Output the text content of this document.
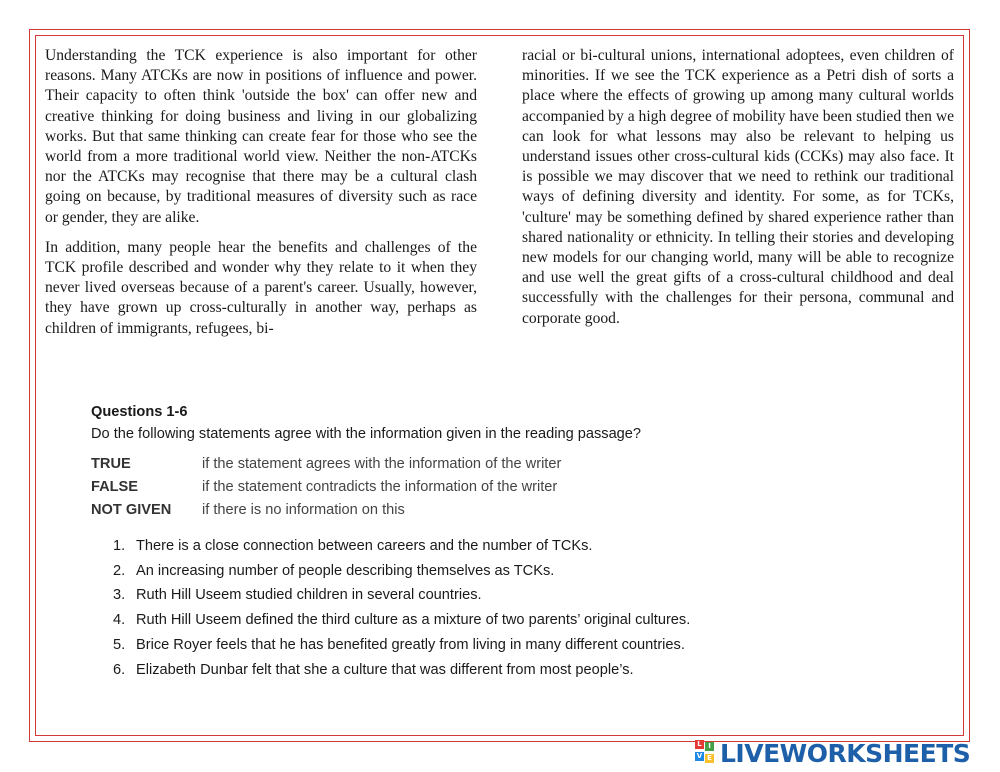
Understanding the TCK experience is also important for other reasons. Many ATCKs are now in positions of influence and power. Their capacity to often think 'outside the box' can offer new and creative thinking for doing business and living in our globalizing works. But that same thinking can create fear for those who see the world from a more traditional world view. Neither the non-ATCKs nor the ATCKs may recognise that there may be a cultural clash going on because, by traditional measures of diversity such as race or gender, they are alike.

In addition, many people hear the benefits and challenges of the TCK profile described and wonder why they relate to it when they never lived overseas because of a parent's career. Usually, however, they have grown up cross-culturally in another way, perhaps as children of immigrants, refugees, bi-

racial or bi-cultural unions, international adoptees, even children of minorities. If we see the TCK experience as a Petri dish of sorts a place where the effects of growing up among many cultural worlds accompanied by a high degree of mobility have been studied then we can look for what lessons may also be relevant to helping us understand issues other cross-cultural kids (CCKs) may also face. It is possible we may discover that we need to rethink our traditional ways of defining diversity and identity. For some, as for TCKs, 'culture' may be something defined by shared experience rather than shared nationality or ethnicity. In telling their stories and developing new models for our changing world, many will be able to recognize and use well the great gifts of a cross-cultural childhood and deal successfully with the challenges for their persona, communal and corporate good.

Questions 1-6

Do the following statements agree with the information given in the reading passage?

TRUE	if the statement agrees with the information of the writer
FALSE	if the statement contradicts the information of the writer
NOT GIVEN	if there is no information on this
1. There is a close connection between careers and the number of TCKs.
2. An increasing number of people describing themselves as TCKs.
3. Ruth Hill Useem studied children in several countries.
4. Ruth Hill Useem defined the third culture as a mixture of two parents’ original cultures.
5. Brice Royer feels that he has benefited greatly from living in many different countries.
6. Elizabeth Dunbar felt that she a culture that was different from most people’s.
L I
V E LIVEWORKSHEETS
